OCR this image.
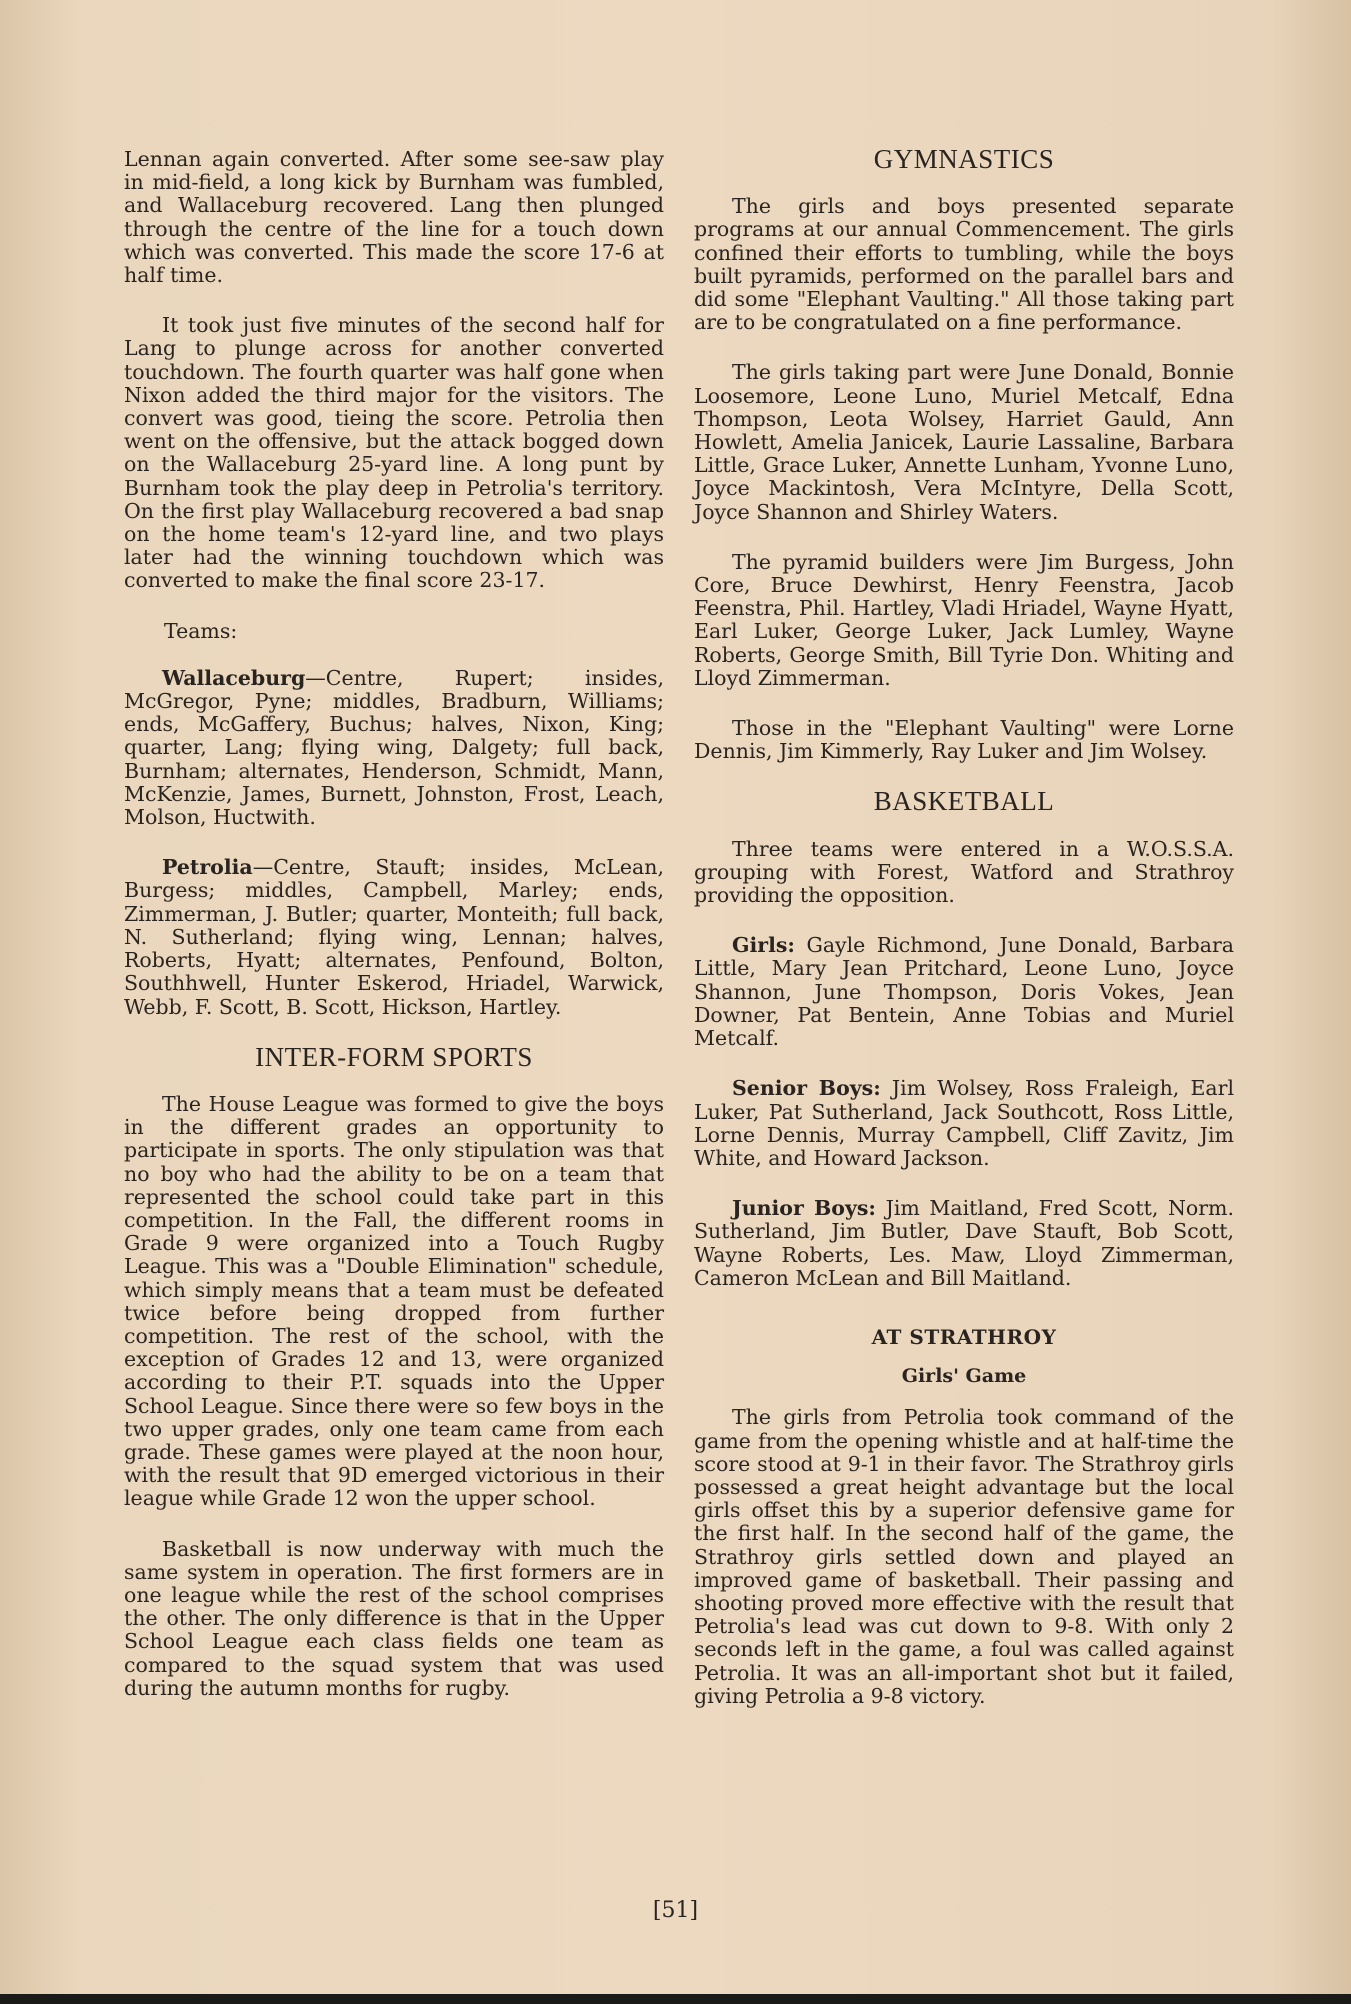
Lennan again converted. After some see-saw play in mid-field, a long kick by Burnham was fumbled, and Wallaceburg recovered. Lang then plunged through the centre of the line for a touch down which was converted. This made the score 17-6 at half time.

It took just five minutes of the second half for Lang to plunge across for another converted touchdown. The fourth quarter was half gone when Nixon added the third major for the visitors. The convert was good, tieing the score. Petrolia then went on the offensive, but the attack bogged down on the Wallaceburg 25-yard line. A long punt by Burnham took the play deep in Petrolia's territory. On the first play Wallaceburg recovered a bad snap on the home team's 12-yard line, and two plays later had the winning touchdown which was converted to make the final score 23-17.

Teams:

Wallaceburg—Centre, Rupert; insides, McGregor, Pyne; middles, Bradburn, Williams; ends, McGaffery, Buchus; halves, Nixon, King; quarter, Lang; flying wing, Dalgety; full back, Burnham; alternates, Henderson, Schmidt, Mann, McKenzie, James, Burnett, Johnston, Frost, Leach, Molson, Huctwith.

Petrolia—Centre, Stauft; insides, McLean, Burgess; middles, Campbell, Marley; ends, Zimmerman, J. Butler; quarter, Monteith; full back, N. Sutherland; flying wing, Lennan; halves, Roberts, Hyatt; alternates, Penfound, Bolton, Southhwell, Hunter Eskerod, Hriadel, Warwick, Webb, F. Scott, B. Scott, Hickson, Hartley.

INTER-FORM SPORTS

The House League was formed to give the boys in the different grades an opportunity to participate in sports. The only stipulation was that no boy who had the ability to be on a team that represented the school could take part in this competition. In the Fall, the different rooms in Grade 9 were organized into a Touch Rugby League. This was a "Double Elimination" schedule, which simply means that a team must be defeated twice before being dropped from further competition. The rest of the school, with the exception of Grades 12 and 13, were organized according to their P.T. squads into the Upper School League. Since there were so few boys in the two upper grades, only one team came from each grade. These games were played at the noon hour, with the result that 9D emerged victorious in their league while Grade 12 won the upper school.

Basketball is now underway with much the same system in operation. The first formers are in one league while the rest of the school comprises the other. The only difference is that in the Upper School League each class fields one team as compared to the squad system that was used during the autumn months for rugby.

GYMNASTICS

The girls and boys presented separate programs at our annual Commencement. The girls confined their efforts to tumbling, while the boys built pyramids, performed on the parallel bars and did some "Elephant Vaulting." All those taking part are to be congratulated on a fine performance.

The girls taking part were June Donald, Bonnie Loosemore, Leone Luno, Muriel Metcalf, Edna Thompson, Leota Wolsey, Harriet Gauld, Ann Howlett, Amelia Janicek, Laurie Lassaline, Barbara Little, Grace Luker, Annette Lunham, Yvonne Luno, Joyce Mackintosh, Vera McIntyre, Della Scott, Joyce Shannon and Shirley Waters.

The pyramid builders were Jim Burgess, John Core, Bruce Dewhirst, Henry Feenstra, Jacob Feenstra, Phil. Hartley, Vladi Hriadel, Wayne Hyatt, Earl Luker, George Luker, Jack Lumley, Wayne Roberts, George Smith, Bill Tyrie Don. Whiting and Lloyd Zimmerman.

Those in the "Elephant Vaulting" were Lorne Dennis, Jim Kimmerly, Ray Luker and Jim Wolsey.

BASKETBALL

Three teams were entered in a W.O.S.S.A. grouping with Forest, Watford and Strathroy providing the opposition.

Girls: Gayle Richmond, June Donald, Barbara Little, Mary Jean Pritchard, Leone Luno, Joyce Shannon, June Thompson, Doris Vokes, Jean Downer, Pat Bentein, Anne Tobias and Muriel Metcalf.

Senior Boys: Jim Wolsey, Ross Fraleigh, Earl Luker, Pat Sutherland, Jack Southcott, Ross Little, Lorne Dennis, Murray Campbell, Cliff Zavitz, Jim White, and Howard Jackson.

Junior Boys: Jim Maitland, Fred Scott, Norm. Sutherland, Jim Butler, Dave Stauft, Bob Scott, Wayne Roberts, Les. Maw, Lloyd Zimmerman, Cameron McLean and Bill Maitland.

AT STRATHROY
Girls' Game

The girls from Petrolia took command of the game from the opening whistle and at half-time the score stood at 9-1 in their favor. The Strathroy girls possessed a great height advantage but the local girls offset this by a superior defensive game for the first half. In the second half of the game, the Strathroy girls settled down and played an improved game of basketball. Their passing and shooting proved more effective with the result that Petrolia's lead was cut down to 9-8. With only 2 seconds left in the game, a foul was called against Petrolia. It was an all-important shot but it failed, giving Petrolia a 9-8 victory.

[51]
